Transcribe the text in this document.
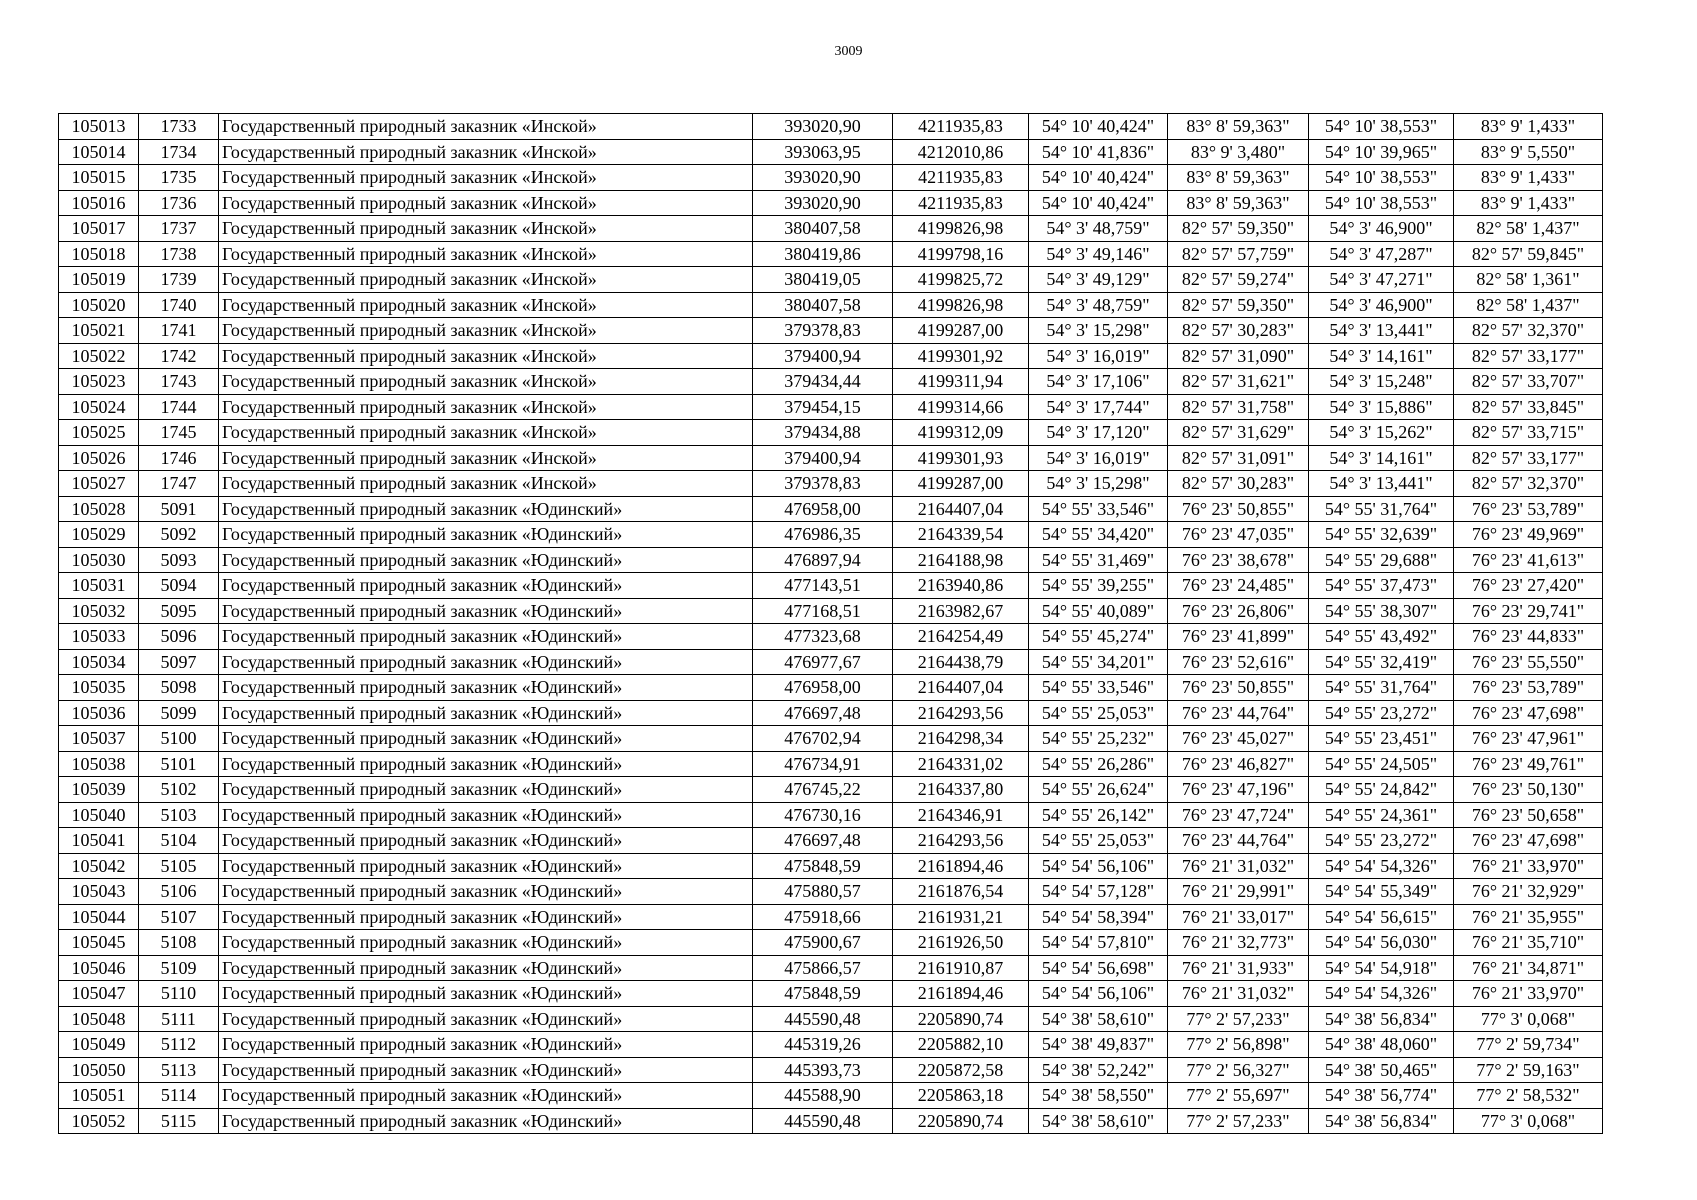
3009
105013	1733	Государственный природный заказник «Инской»	393020,90	4211935,83	54° 10' 40,424"	83° 8' 59,363"	54° 10' 38,553"	83° 9' 1,433"
105014	1734	Государственный природный заказник «Инской»	393063,95	4212010,86	54° 10' 41,836"	83° 9' 3,480"	54° 10' 39,965"	83° 9' 5,550"
105015	1735	Государственный природный заказник «Инской»	393020,90	4211935,83	54° 10' 40,424"	83° 8' 59,363"	54° 10' 38,553"	83° 9' 1,433"
105016	1736	Государственный природный заказник «Инской»	393020,90	4211935,83	54° 10' 40,424"	83° 8' 59,363"	54° 10' 38,553"	83° 9' 1,433"
105017	1737	Государственный природный заказник «Инской»	380407,58	4199826,98	54° 3' 48,759"	82° 57' 59,350"	54° 3' 46,900"	82° 58' 1,437"
105018	1738	Государственный природный заказник «Инской»	380419,86	4199798,16	54° 3' 49,146"	82° 57' 57,759"	54° 3' 47,287"	82° 57' 59,845"
105019	1739	Государственный природный заказник «Инской»	380419,05	4199825,72	54° 3' 49,129"	82° 57' 59,274"	54° 3' 47,271"	82° 58' 1,361"
105020	1740	Государственный природный заказник «Инской»	380407,58	4199826,98	54° 3' 48,759"	82° 57' 59,350"	54° 3' 46,900"	82° 58' 1,437"
105021	1741	Государственный природный заказник «Инской»	379378,83	4199287,00	54° 3' 15,298"	82° 57' 30,283"	54° 3' 13,441"	82° 57' 32,370"
105022	1742	Государственный природный заказник «Инской»	379400,94	4199301,92	54° 3' 16,019"	82° 57' 31,090"	54° 3' 14,161"	82° 57' 33,177"
105023	1743	Государственный природный заказник «Инской»	379434,44	4199311,94	54° 3' 17,106"	82° 57' 31,621"	54° 3' 15,248"	82° 57' 33,707"
105024	1744	Государственный природный заказник «Инской»	379454,15	4199314,66	54° 3' 17,744"	82° 57' 31,758"	54° 3' 15,886"	82° 57' 33,845"
105025	1745	Государственный природный заказник «Инской»	379434,88	4199312,09	54° 3' 17,120"	82° 57' 31,629"	54° 3' 15,262"	82° 57' 33,715"
105026	1746	Государственный природный заказник «Инской»	379400,94	4199301,93	54° 3' 16,019"	82° 57' 31,091"	54° 3' 14,161"	82° 57' 33,177"
105027	1747	Государственный природный заказник «Инской»	379378,83	4199287,00	54° 3' 15,298"	82° 57' 30,283"	54° 3' 13,441"	82° 57' 32,370"
105028	5091	Государственный природный заказник «Юдинский»	476958,00	2164407,04	54° 55' 33,546"	76° 23' 50,855"	54° 55' 31,764"	76° 23' 53,789"
105029	5092	Государственный природный заказник «Юдинский»	476986,35	2164339,54	54° 55' 34,420"	76° 23' 47,035"	54° 55' 32,639"	76° 23' 49,969"
105030	5093	Государственный природный заказник «Юдинский»	476897,94	2164188,98	54° 55' 31,469"	76° 23' 38,678"	54° 55' 29,688"	76° 23' 41,613"
105031	5094	Государственный природный заказник «Юдинский»	477143,51	2163940,86	54° 55' 39,255"	76° 23' 24,485"	54° 55' 37,473"	76° 23' 27,420"
105032	5095	Государственный природный заказник «Юдинский»	477168,51	2163982,67	54° 55' 40,089"	76° 23' 26,806"	54° 55' 38,307"	76° 23' 29,741"
105033	5096	Государственный природный заказник «Юдинский»	477323,68	2164254,49	54° 55' 45,274"	76° 23' 41,899"	54° 55' 43,492"	76° 23' 44,833"
105034	5097	Государственный природный заказник «Юдинский»	476977,67	2164438,79	54° 55' 34,201"	76° 23' 52,616"	54° 55' 32,419"	76° 23' 55,550"
105035	5098	Государственный природный заказник «Юдинский»	476958,00	2164407,04	54° 55' 33,546"	76° 23' 50,855"	54° 55' 31,764"	76° 23' 53,789"
105036	5099	Государственный природный заказник «Юдинский»	476697,48	2164293,56	54° 55' 25,053"	76° 23' 44,764"	54° 55' 23,272"	76° 23' 47,698"
105037	5100	Государственный природный заказник «Юдинский»	476702,94	2164298,34	54° 55' 25,232"	76° 23' 45,027"	54° 55' 23,451"	76° 23' 47,961"
105038	5101	Государственный природный заказник «Юдинский»	476734,91	2164331,02	54° 55' 26,286"	76° 23' 46,827"	54° 55' 24,505"	76° 23' 49,761"
105039	5102	Государственный природный заказник «Юдинский»	476745,22	2164337,80	54° 55' 26,624"	76° 23' 47,196"	54° 55' 24,842"	76° 23' 50,130"
105040	5103	Государственный природный заказник «Юдинский»	476730,16	2164346,91	54° 55' 26,142"	76° 23' 47,724"	54° 55' 24,361"	76° 23' 50,658"
105041	5104	Государственный природный заказник «Юдинский»	476697,48	2164293,56	54° 55' 25,053"	76° 23' 44,764"	54° 55' 23,272"	76° 23' 47,698"
105042	5105	Государственный природный заказник «Юдинский»	475848,59	2161894,46	54° 54' 56,106"	76° 21' 31,032"	54° 54' 54,326"	76° 21' 33,970"
105043	5106	Государственный природный заказник «Юдинский»	475880,57	2161876,54	54° 54' 57,128"	76° 21' 29,991"	54° 54' 55,349"	76° 21' 32,929"
105044	5107	Государственный природный заказник «Юдинский»	475918,66	2161931,21	54° 54' 58,394"	76° 21' 33,017"	54° 54' 56,615"	76° 21' 35,955"
105045	5108	Государственный природный заказник «Юдинский»	475900,67	2161926,50	54° 54' 57,810"	76° 21' 32,773"	54° 54' 56,030"	76° 21' 35,710"
105046	5109	Государственный природный заказник «Юдинский»	475866,57	2161910,87	54° 54' 56,698"	76° 21' 31,933"	54° 54' 54,918"	76° 21' 34,871"
105047	5110	Государственный природный заказник «Юдинский»	475848,59	2161894,46	54° 54' 56,106"	76° 21' 31,032"	54° 54' 54,326"	76° 21' 33,970"
105048	5111	Государственный природный заказник «Юдинский»	445590,48	2205890,74	54° 38' 58,610"	77° 2' 57,233"	54° 38' 56,834"	77° 3' 0,068"
105049	5112	Государственный природный заказник «Юдинский»	445319,26	2205882,10	54° 38' 49,837"	77° 2' 56,898"	54° 38' 48,060"	77° 2' 59,734"
105050	5113	Государственный природный заказник «Юдинский»	445393,73	2205872,58	54° 38' 52,242"	77° 2' 56,327"	54° 38' 50,465"	77° 2' 59,163"
105051	5114	Государственный природный заказник «Юдинский»	445588,90	2205863,18	54° 38' 58,550"	77° 2' 55,697"	54° 38' 56,774"	77° 2' 58,532"
105052	5115	Государственный природный заказник «Юдинский»	445590,48	2205890,74	54° 38' 58,610"	77° 2' 57,233"	54° 38' 56,834"	77° 3' 0,068"
